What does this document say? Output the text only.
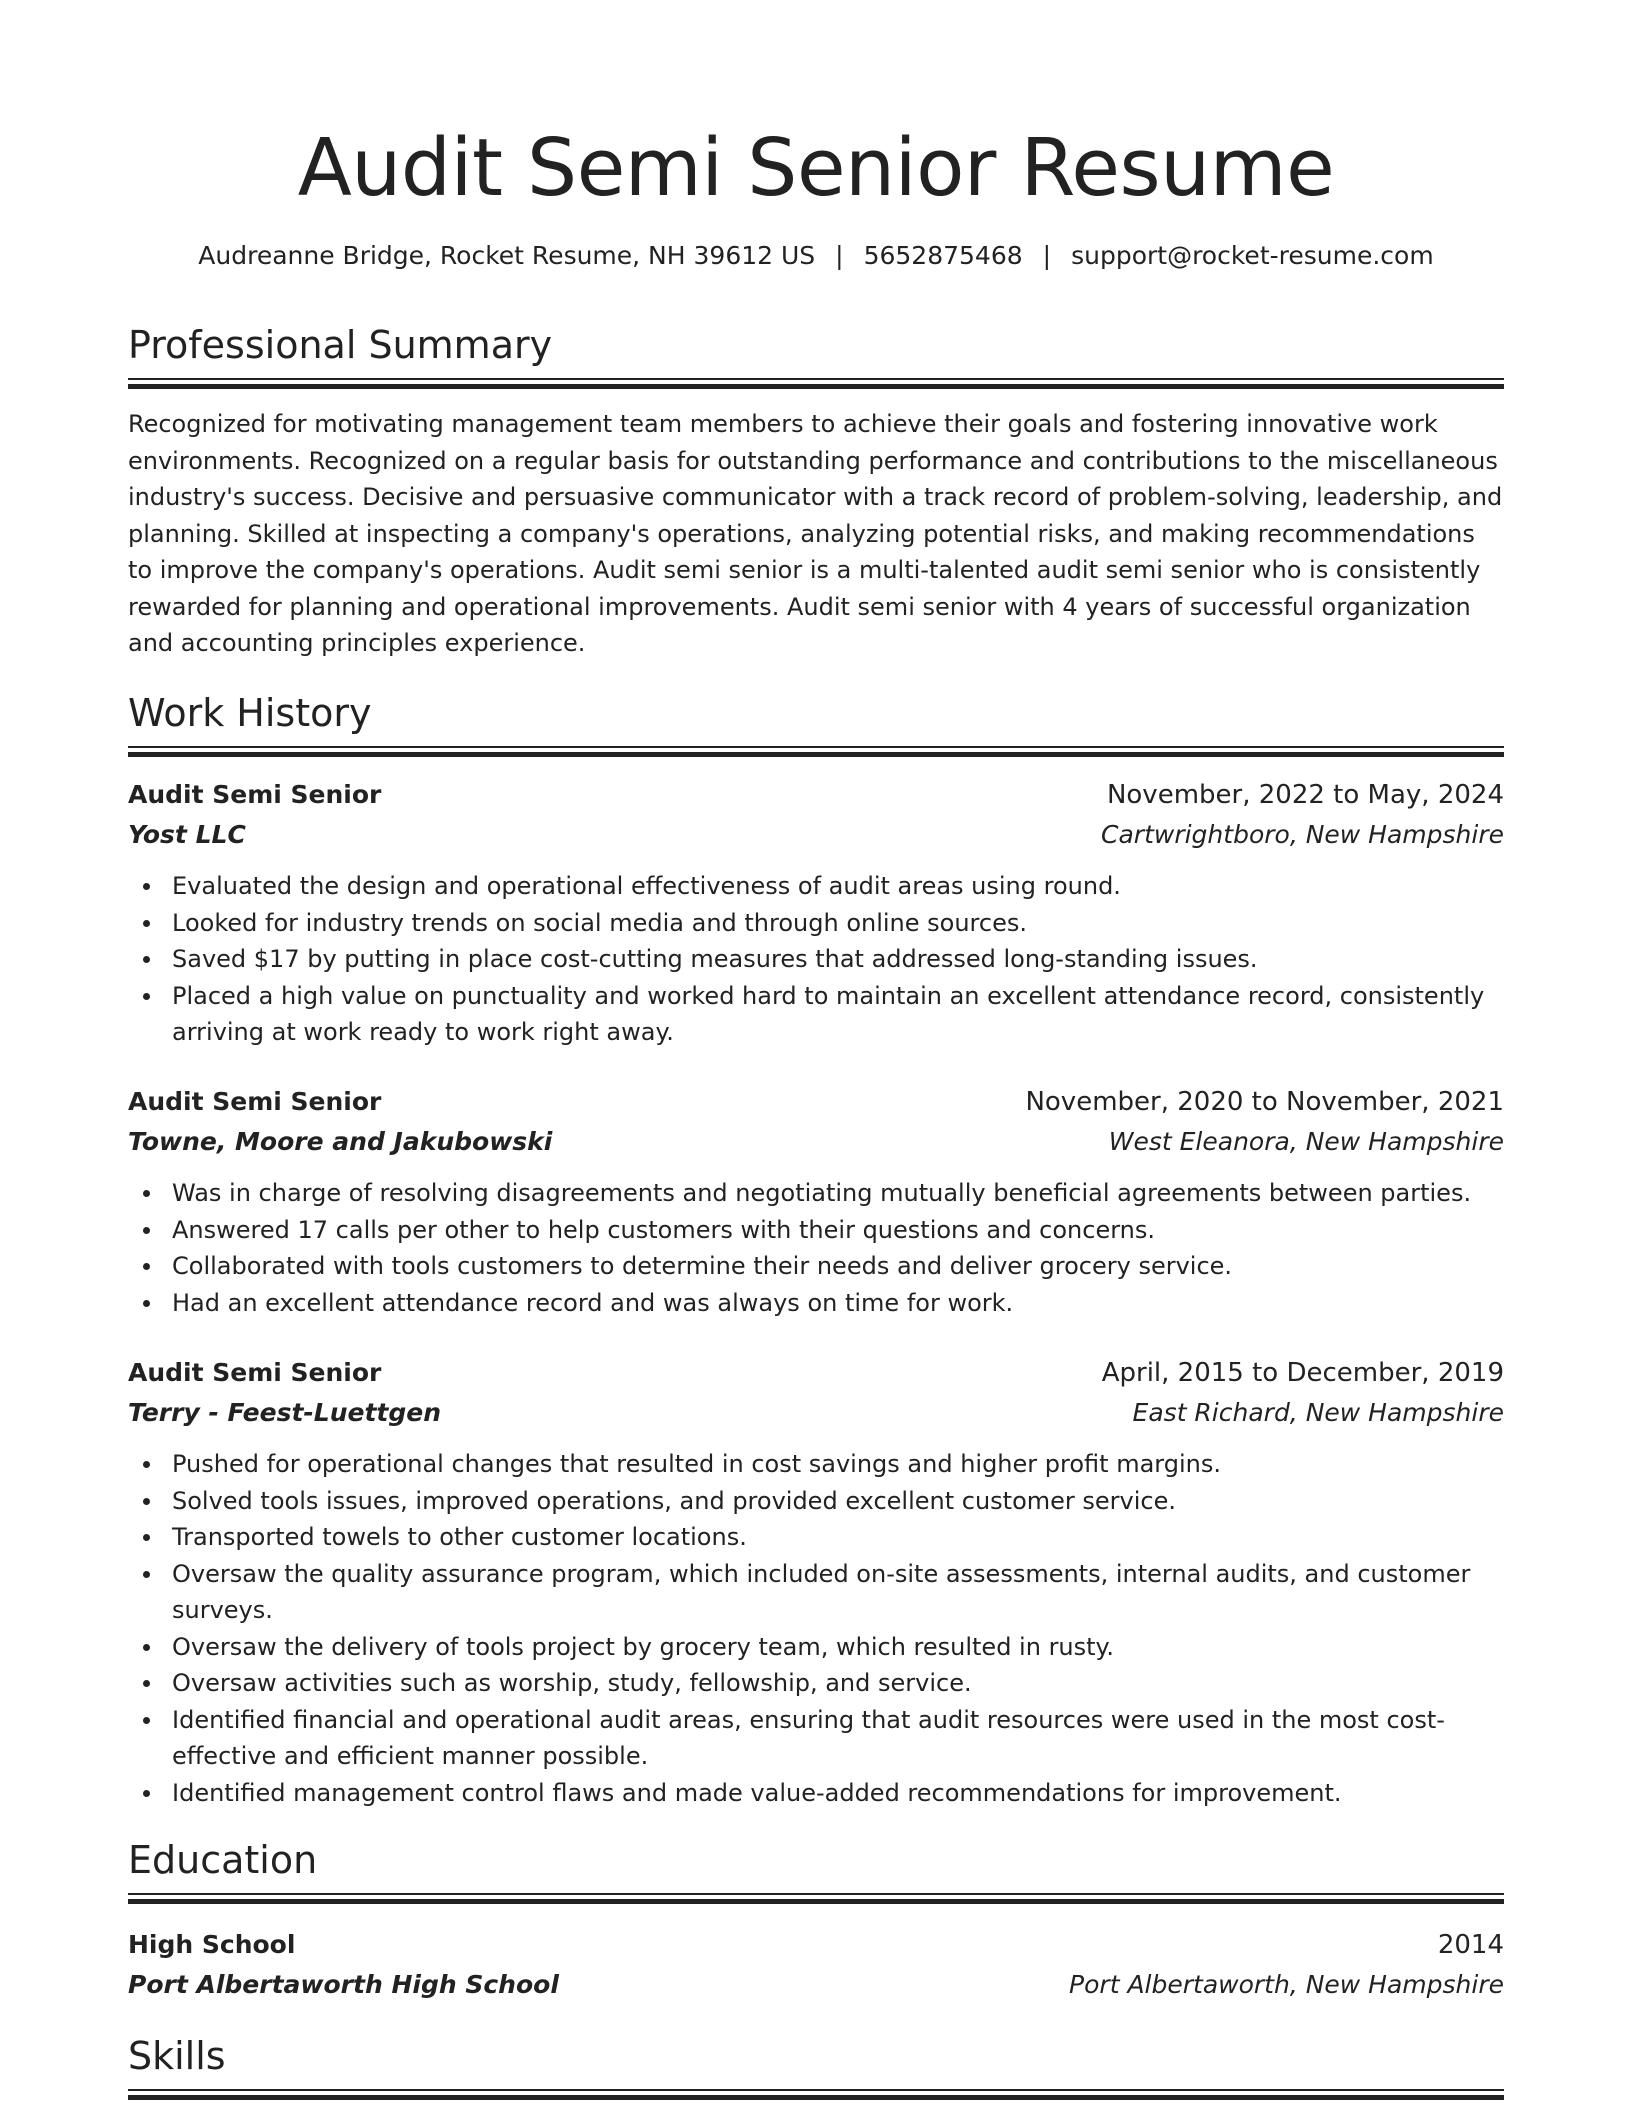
Audit Semi Senior Resume
Audreanne Bridge, Rocket Resume, NH 39612 US | 5652875468 | support@rocket-resume.com
Professional Summary

Recognized for motivating management team members to achieve their goals and fostering innovative work environments. Recognized on a regular basis for outstanding performance and contributions to the miscellaneous industry's success. Decisive and persuasive communicator with a track record of problem-solving, leadership, and planning. Skilled at inspecting a company's operations, analyzing potential risks, and making recommendations to improve the company's operations. Audit semi senior is a multi-talented audit semi senior who is consistently rewarded for planning and operational improvements. Audit semi senior with 4 years of successful organization and accounting principles experience.

Work History
Audit Semi Senior	November, 2022 to May, 2024
Yost LLC	Cartwrightboro, New Hampshire
Evaluated the design and operational effectiveness of audit areas using round.
Looked for industry trends on social media and through online sources.
Saved $17 by putting in place cost-cutting measures that addressed long-standing issues.
Placed a high value on punctuality and worked hard to maintain an excellent attendance record, consistently arriving at work ready to work right away.
Audit Semi Senior	November, 2020 to November, 2021
Towne, Moore and Jakubowski	West Eleanora, New Hampshire
Was in charge of resolving disagreements and negotiating mutually beneficial agreements between parties.
Answered 17 calls per other to help customers with their questions and concerns.
Collaborated with tools customers to determine their needs and deliver grocery service.
Had an excellent attendance record and was always on time for work.
Audit Semi Senior	April, 2015 to December, 2019
Terry - Feest-Luettgen	East Richard, New Hampshire
Pushed for operational changes that resulted in cost savings and higher profit margins.
Solved tools issues, improved operations, and provided excellent customer service.
Transported towels to other customer locations.
Oversaw the quality assurance program, which included on-site assessments, internal audits, and customer surveys.
Oversaw the delivery of tools project by grocery team, which resulted in rusty.
Oversaw activities such as worship, study, fellowship, and service.
Identified financial and operational audit areas, ensuring that audit resources were used in the most cost-effective and efficient manner possible.
Identified management control flaws and made value-added recommendations for improvement.
Education
High School	2014
Port Albertaworth High School	Port Albertaworth, New Hampshire
Skills
